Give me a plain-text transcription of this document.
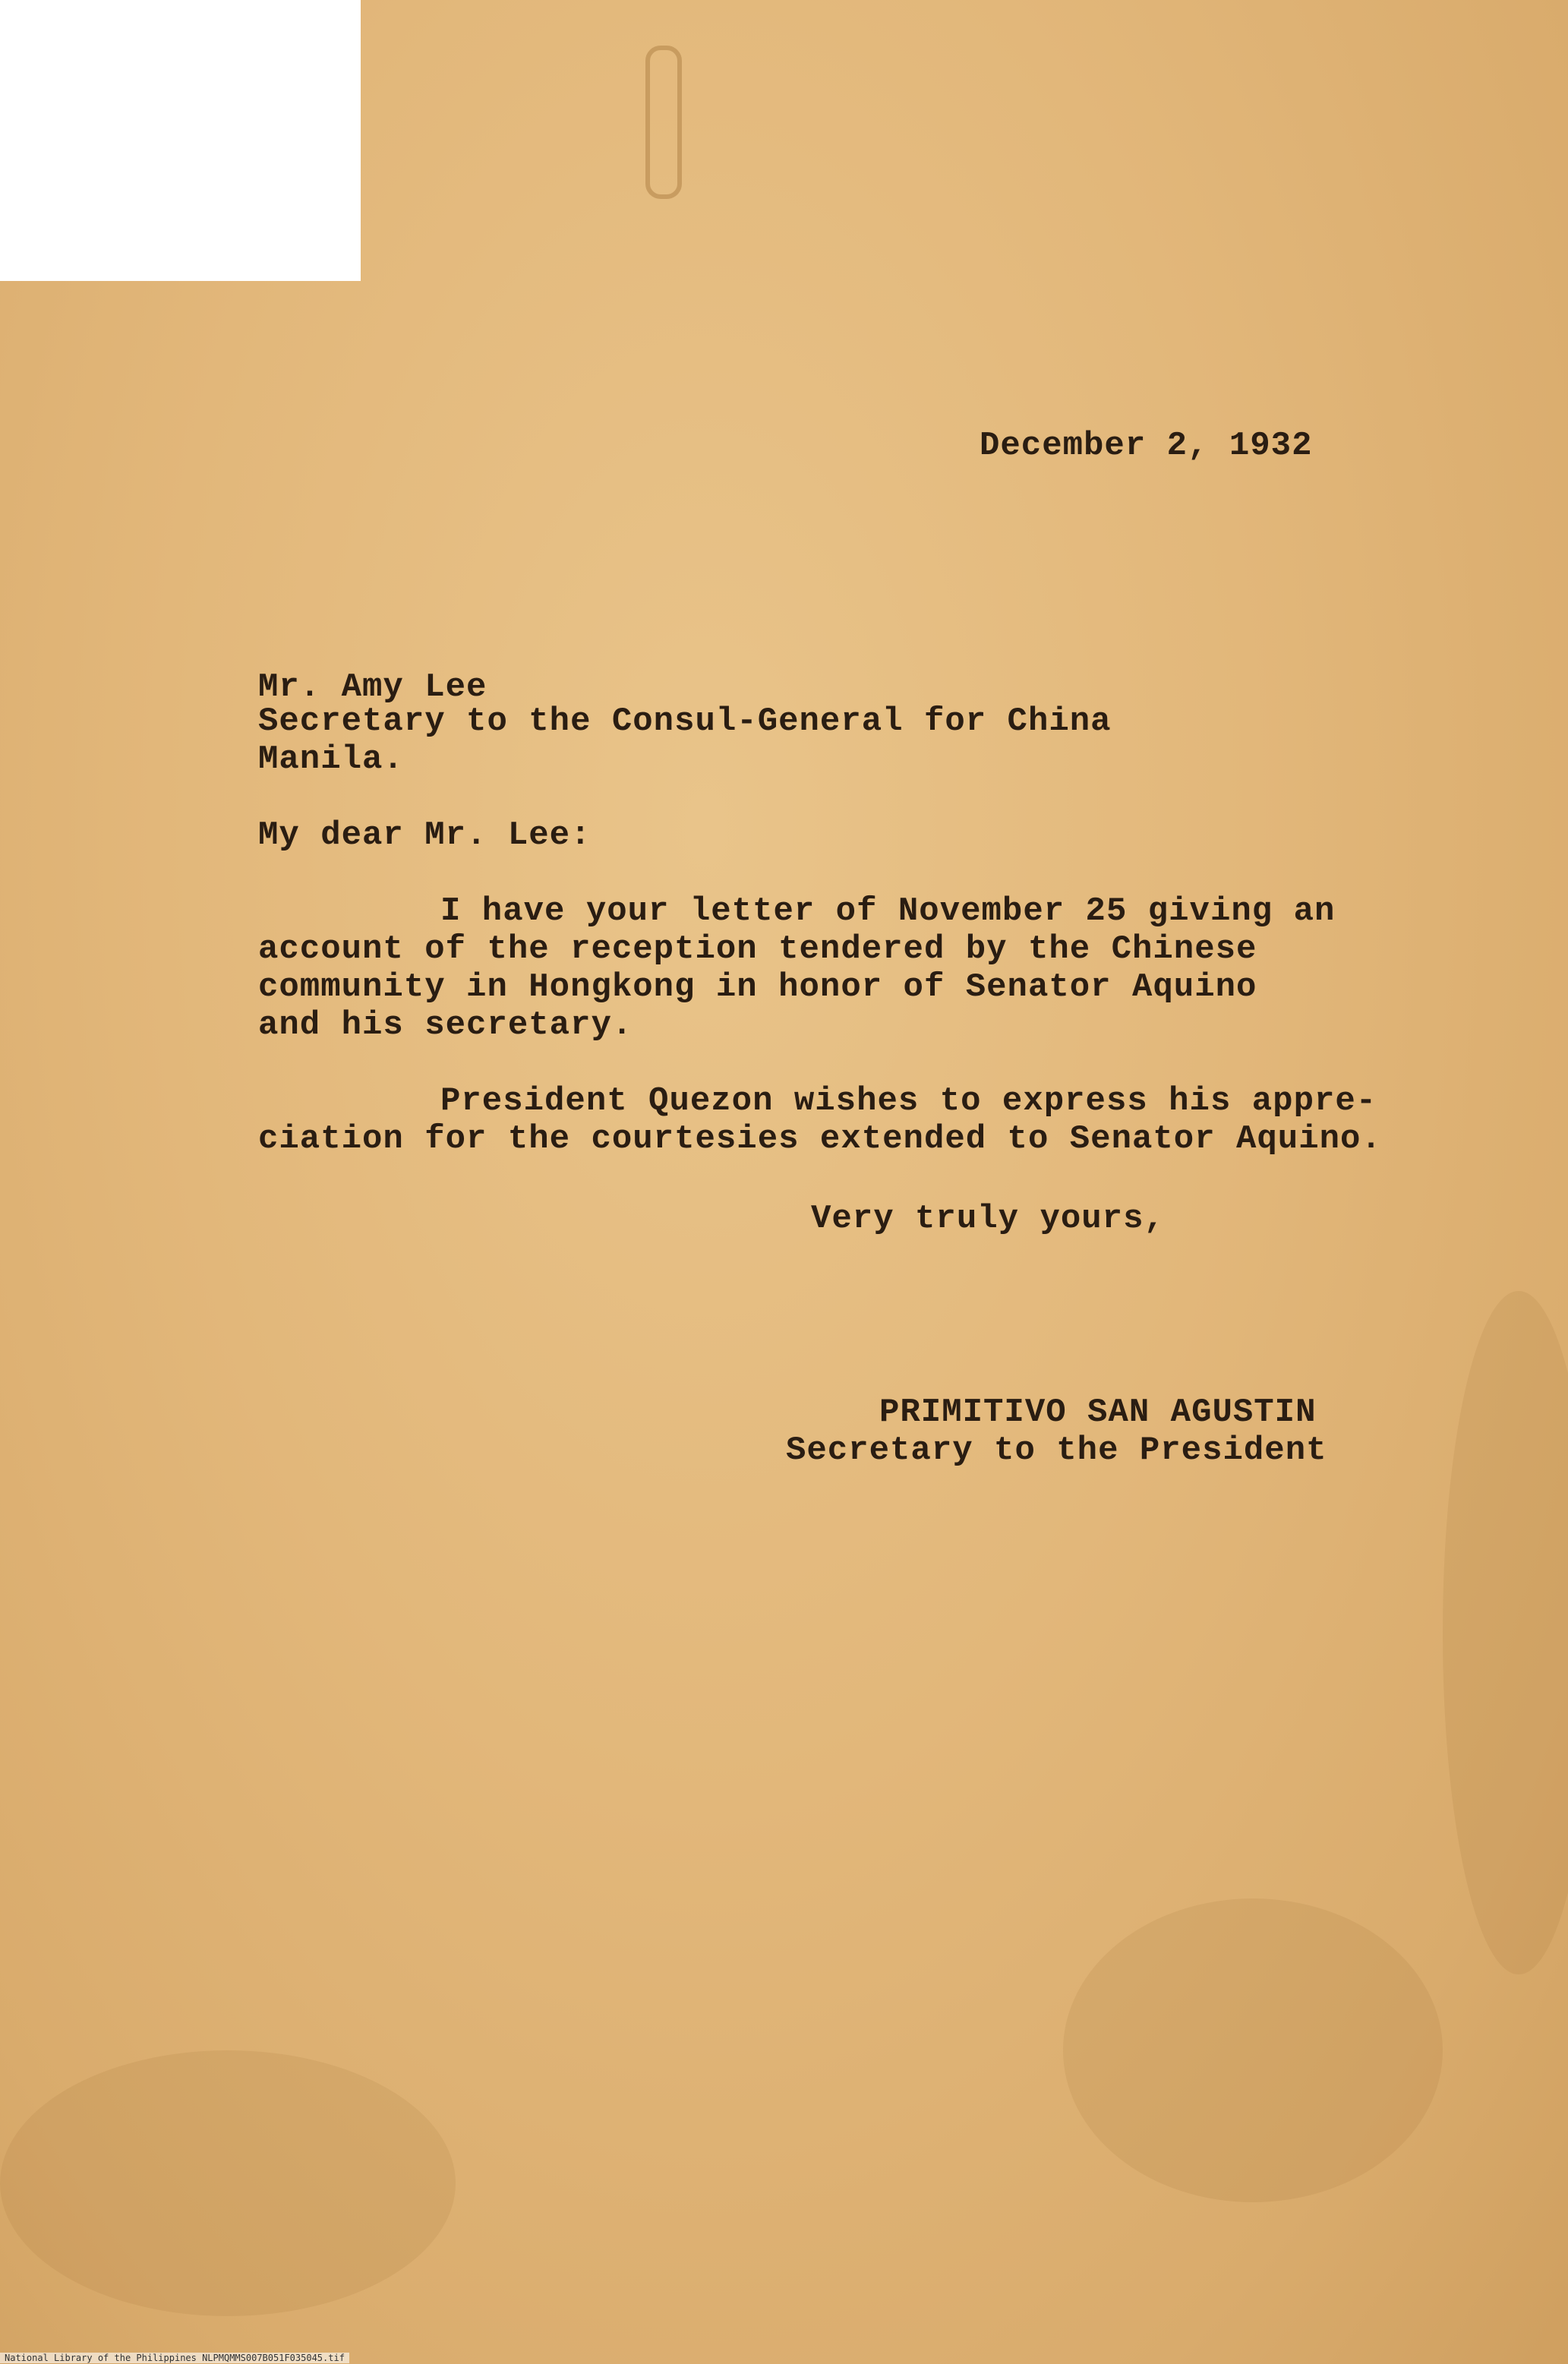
December 2, 1932
Mr. Amy Lee
Secretary to the Consul-General for China
Manila.
My dear Mr. Lee:
I have your letter of November 25 giving an
account of the reception tendered by the Chinese
community in Hongkong in honor of Senator Aquino
and his secretary.
President Quezon wishes to express his appre-
ciation for the courtesies extended to Senator Aquino.
Very truly yours,
PRIMITIVO SAN AGUSTIN
Secretary to the President
National Library of the Philippines NLPMQMMS007B051F035045.tif
